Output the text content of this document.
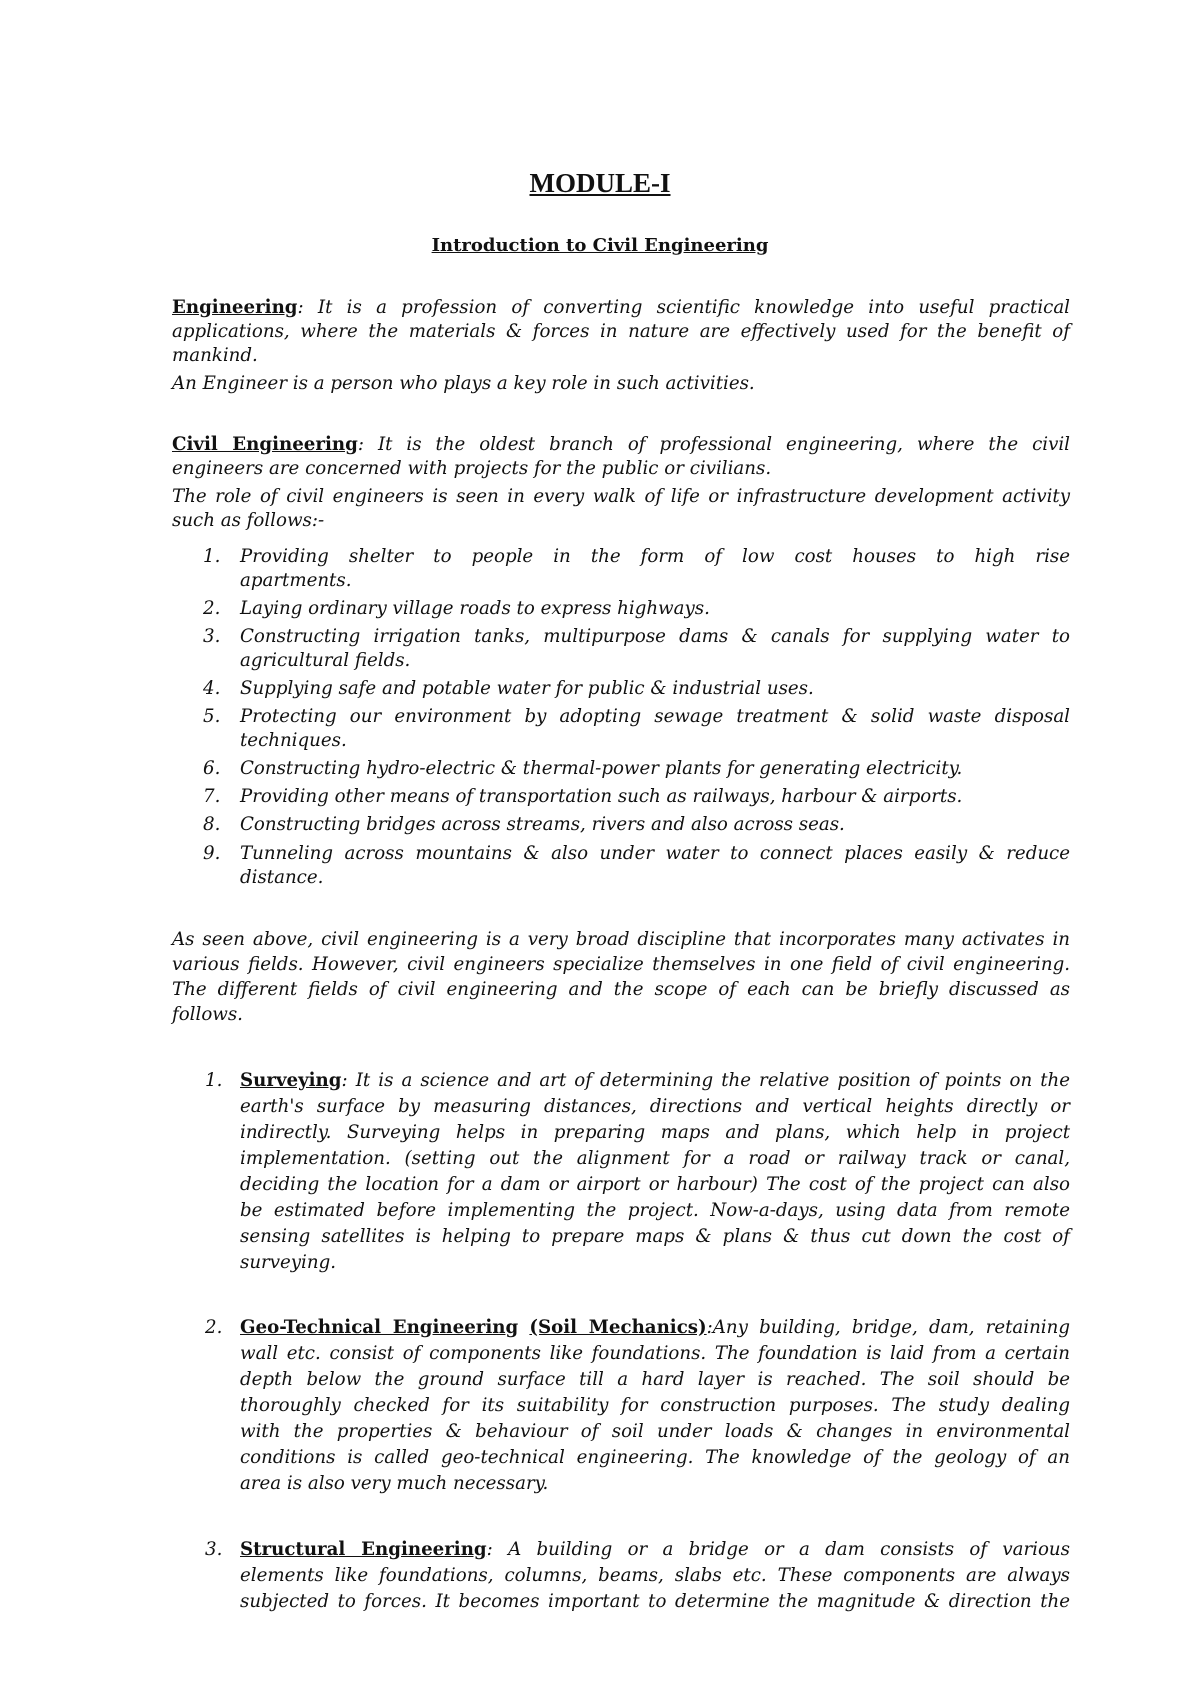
MODULE-I
Introduction to Civil Engineering
Engineering: It is a profession of converting scientific knowledge into useful practical
applications, where the materials & forces in nature are effectively used for the benefit of
mankind.
An Engineer is a person who plays a key role in such activities.
Civil Engineering: It is the oldest branch of professional engineering, where the civil
engineers are concerned with projects for the public or civilians.
The role of civil engineers is seen in every walk of life or infrastructure development activity
such as follows:-
1. Providing shelter to people in the form of low cost houses to high rise
apartments.
2. Laying ordinary village roads to express highways.
3. Constructing irrigation tanks, multipurpose dams & canals for supplying water to
agricultural fields.
4. Supplying safe and potable water for public & industrial uses.
5. Protecting our environment by adopting sewage treatment & solid waste disposal
techniques.
6. Constructing hydro-electric & thermal-power plants for generating electricity.
7. Providing other means of transportation such as railways, harbour & airports.
8. Constructing bridges across streams, rivers and also across seas.
9. Tunneling across mountains & also under water to connect places easily & reduce
distance.
As seen above, civil engineering is a very broad discipline that incorporates many activates in
various fields. However, civil engineers specialize themselves in one field of civil engineering.
The different fields of civil engineering and the scope of each can be briefly discussed as
follows.
1. Surveying: It is a science and art of determining the relative position of points on the
earth's surface by measuring distances, directions and vertical heights directly or
indirectly. Surveying helps in preparing maps and plans, which help in project
implementation. (setting out the alignment for a road or railway track or canal,
deciding the location for a dam or airport or harbour) The cost of the project can also
be estimated before implementing the project. Now-a-days, using data from remote
sensing satellites is helping to prepare maps & plans & thus cut down the cost of
surveying.
2. Geo-Technical Engineering (Soil Mechanics):Any building, bridge, dam, retaining
wall etc. consist of components like foundations. The foundation is laid from a certain
depth below the ground surface till a hard layer is reached. The soil should be
thoroughly checked for its suitability for construction purposes. The study dealing
with the properties & behaviour of soil under loads & changes in environmental
conditions is called geo-technical engineering. The knowledge of the geology of an
area is also very much necessary.
3. Structural Engineering: A building or a bridge or a dam consists of various
elements like foundations, columns, beams, slabs etc. These components are always
subjected to forces. It becomes important to determine the magnitude & direction the
